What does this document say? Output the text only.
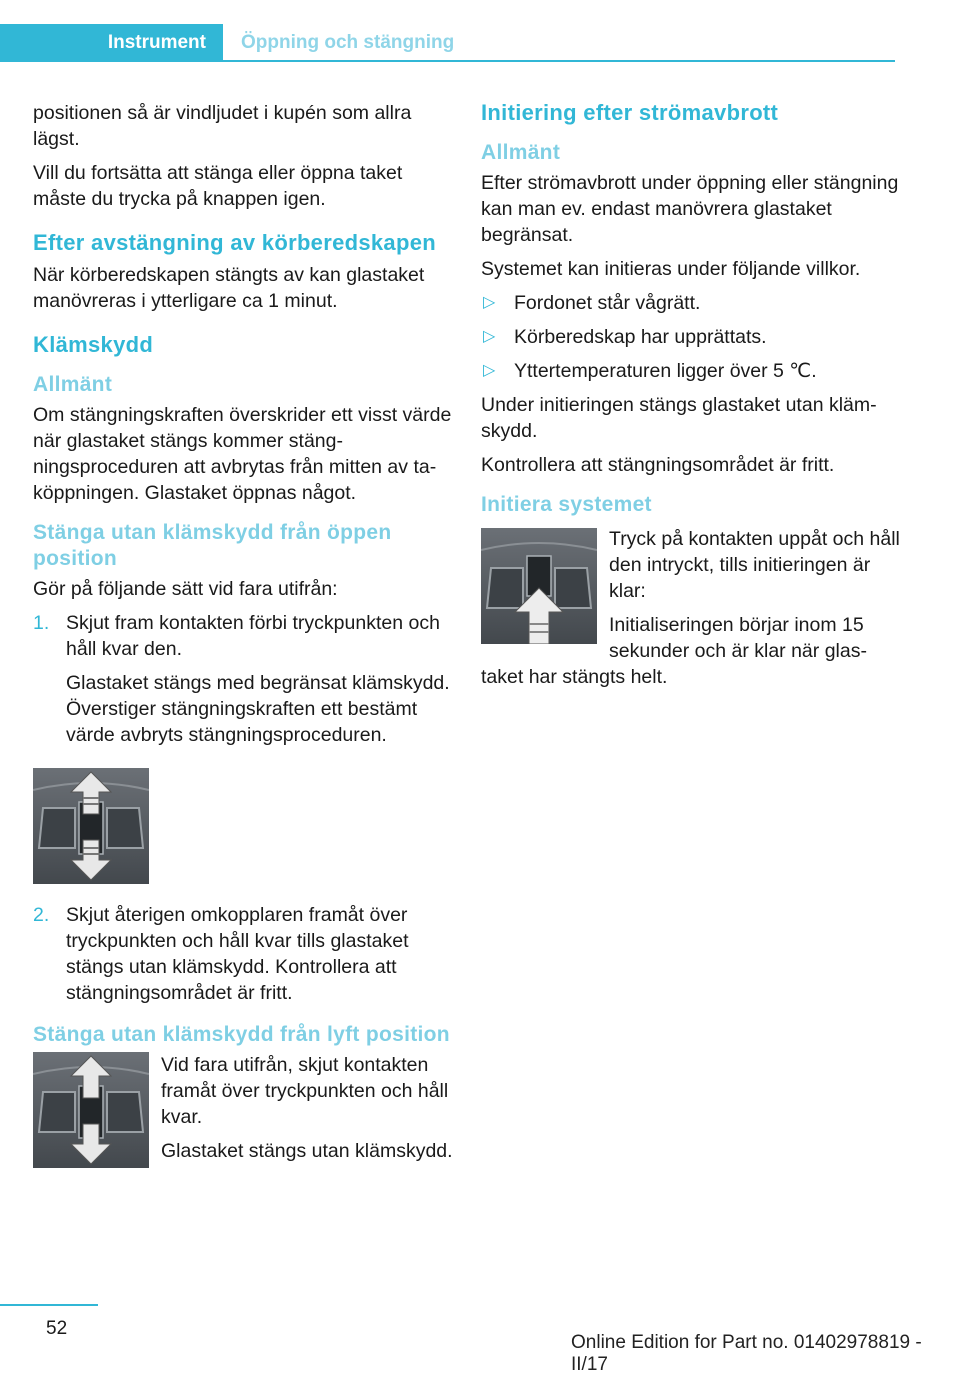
Instrument	Öppning och stängning

positionen så är vindljudet i kupén som allra lägst.

Vill du fortsätta att stänga eller öppna taket måste du trycka på knappen igen.

Efter avstängning av körberedskapen

När körberedskapen stängts av kan glastaket manövreras i ytterligare ca 1 minut.

Klämskydd
Allmänt

Om stängningskraften överskrider ett visst värde när glastaket stängs kommer stängningsproceduren att avbrytas från mitten av taköppningen. Glastaket öppnas något.

Stänga utan klämskydd från öppen position

Gör på följande sätt vid fara utifrån:

1. Skjut fram kontakten förbi tryckpunkten och håll kvar den.

Glastaket stängs med begränsat klämskydd. Överstiger stängningskraften ett bestämt värde avbryts stängningsproceduren.

2. Skjut återigen omkopplaren framåt över tryckpunkten och håll kvar tills glastaket stängs utan klämskydd. Kontrollera att stängningsområdet är fritt.

Stänga utan klämskydd från lyft position

Vid fara utifrån, skjut kontakten framåt över tryckpunkten och håll kvar.

Glastaket stängs utan klämskydd.

Initiering efter strömavbrott
Allmänt

Efter strömavbrott under öppning eller stängning kan man ev. endast manövrera glastaket begränsat.

Systemet kan initieras under följande villkor.

▷ Fordonet står vågrätt.
▷ Körberedskap har upprättats.
▷ Yttertemperaturen ligger över 5 ℃.

Under initieringen stängs glastaket utan klämskydd.

Kontrollera att stängningsområdet är fritt.

Initiera systemet

Tryck på kontakten uppåt och håll den intryckt, tills initieringen är klar:

Initialiseringen börjar inom 15 sekunder och är klar när glastaket har stängts helt.

52
Online Edition for Part no. 01402978819 - II/17
